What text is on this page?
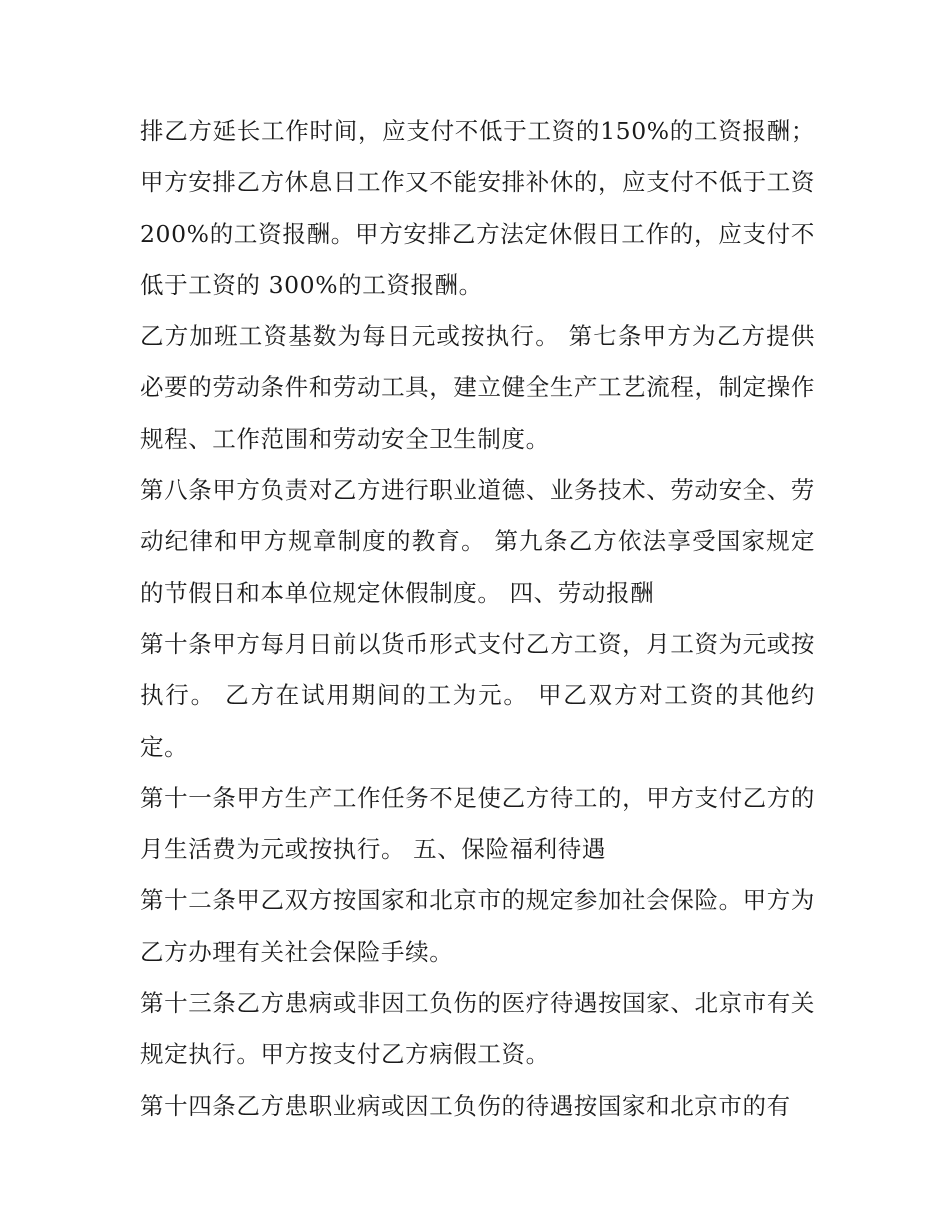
排乙方延长工作时间，应支付不低于工资的150%的工资报酬；甲方安排乙方休息日工作又不能安排补休的，应支付不低于工资 200%的工资报酬。甲方安排乙方法定休假日工作的，应支付不低于工资的 300%的工资报酬。

乙方加班工资基数为每日元或按执行。 第七条甲方为乙方提供必要的劳动条件和劳动工具，建立健全生产工艺流程，制定操作规程、工作范围和劳动安全卫生制度。

第八条甲方负责对乙方进行职业道德、业务技术、劳动安全、劳动纪律和甲方规章制度的教育。 第九条乙方依法享受国家规定的节假日和本单位规定休假制度。 四、劳动报酬

第十条甲方每月日前以货币形式支付乙方工资，月工资为元或按执行。 乙方在试用期间的工为元。 甲乙双方对工资的其他约定。

第十一条甲方生产工作任务不足使乙方待工的，甲方支付乙方的月生活费为元或按执行。 五、保险福利待遇

第十二条甲乙双方按国家和北京市的规定参加社会保险。甲方为乙方办理有关社会保险手续。

第十三条乙方患病或非因工负伤的医疗待遇按国家、北京市有关规定执行。甲方按支付乙方病假工资。

第十四条乙方患职业病或因工负伤的待遇按国家和北京市的有
